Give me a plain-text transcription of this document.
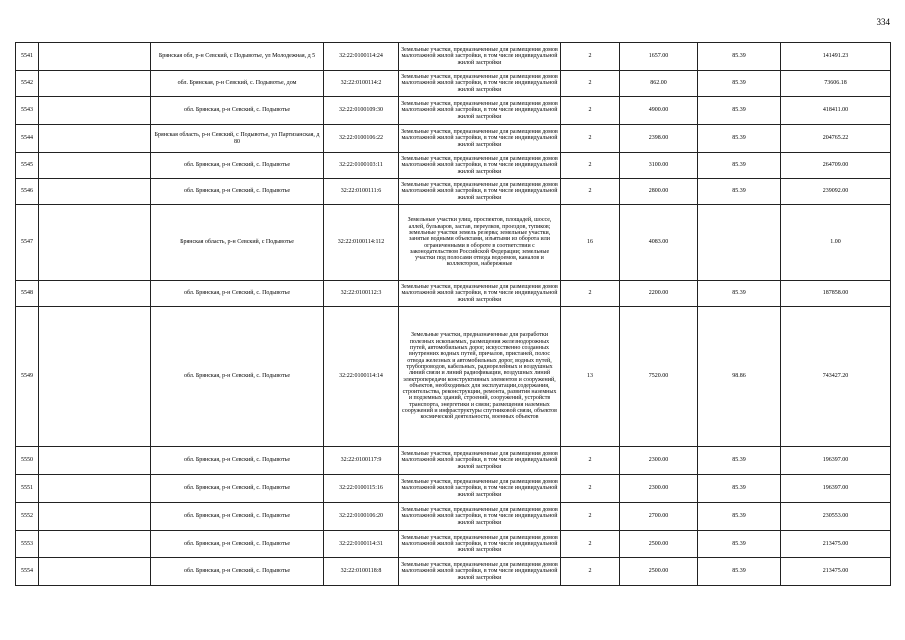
334
5541		Брянская обл, р-н Севский, с Подывотье, ул Молодежная, д 5	32:22:0100114:24	Земельные участки, предназначенные для размещения домов малоэтажной жилой застройки, в том числе индивидуальной жилой застройки	2	1657.00	85.39	141491.23
5542		обл. Брянская, р-н Севский, с. Подывотье, дом	32:22:0100114:2	Земельные участки, предназначенные для размещения домов малоэтажной жилой застройки, в том числе индивидуальной жилой застройки	2	862.00	85.39	73606.18
5543		обл. Брянская, р-н Севский, с. Подывотье	32:22:0100109:30	Земельные участки, предназначенные для размещения домов малоэтажной жилой застройки, в том числе индивидуальной жилой застройки	2	4900.00	85.39	418411.00
5544		Брянская область, р-н Севский, с Подывотье, ул Партизанская, д 80	32:22:0100106:22	Земельные участки, предназначенные для размещения домов малоэтажной жилой застройки, в том числе индивидуальной жилой застройки	2	2398.00	85.39	204765.22
5545		обл. Брянская, р-н Севский, с. Подывотье	32:22:0100103:11	Земельные участки, предназначенные для размещения домов малоэтажной жилой застройки, в том числе индивидуальной жилой застройки	2	3100.00	85.39	264709.00
5546		обл. Брянская, р-н Севский, с. Подывотье	32:22:0100111:6	Земельные участки, предназначенные для размещения домов малоэтажной жилой застройки, в том числе индивидуальной жилой застройки	2	2800.00	85.39	239092.00
5547		Брянская область, р-н Севский, с Подывотье	32:22:0100114:112	Земельные участки улиц, проспектов, площадей, шоссе, аллей, бульваров, застав, переулков, проездов, тупиков; земельные участки земель резерва; земельные участки, занятые водными объектами, изъятыми из оборота или ограниченными в обороте в соответствии с законодательством Российской Федерации; земельные участки под полосами отвода водоемов, каналов и коллекторов, набережные	16	4083.00		1.00
5548		обл. Брянская, р-н Севский, с. Подывотье	32:22:0100112:3	Земельные участки, предназначенные для размещения домов малоэтажной жилой застройки, в том числе индивидуальной жилой застройки	2	2200.00	85.39	187858.00
5549		обл. Брянская, р-н Севский, с. Подывотье	32:22:0100114:14	Земельные участки, предназначенные для разработки полезных ископаемых, размещения железнодорожных путей, автомобильных дорог, искусственно созданных внутренних водных путей, причалов, пристаней, полос отвода железных и автомобильных дорог, водных путей, трубопроводов, кабельных, радиорелейных и воздушных линий связи и линий радиофикации, воздушных линий электропередачи конструктивных элементов и сооружений, объектов, необходимых для эксплуатации,содержания, строительства, реконструкции, ремонта, развития наземных и подземных зданий, строений, сооружений, устройств транспорта, энергетики и связи; размещения наземных сооружений и инфраструктуры спутниковой связи, объектов космической деятельности, военных объектов	13	7520.00	98.86	743427.20
5550		обл. Брянская, р-н Севский, с. Подывотье	32:22:0100117:9	Земельные участки, предназначенные для размещения домов малоэтажной жилой застройки, в том числе индивидуальной жилой застройки	2	2300.00	85.39	196397.00
5551		обл. Брянская, р-н Севский, с. Подывотье	32:22:0100115:16	Земельные участки, предназначенные для размещения домов малоэтажной жилой застройки, в том числе индивидуальной жилой застройки	2	2300.00	85.39	196397.00
5552		обл. Брянская, р-н Севский, с. Подывотье	32:22:0100106:20	Земельные участки, предназначенные для размещения домов малоэтажной жилой застройки, в том числе индивидуальной жилой застройки	2	2700.00	85.39	230553.00
5553		обл. Брянская, р-н Севский, с. Подывотье	32:22:0100114:31	Земельные участки, предназначенные для размещения домов малоэтажной жилой застройки, в том числе индивидуальной жилой застройки	2	2500.00	85.39	213475.00
5554		обл. Брянская, р-н Севский, с. Подывотье	32:22:0100118:8	Земельные участки, предназначенные для размещения домов малоэтажной жилой застройки, в том числе индивидуальной жилой застройки	2	2500.00	85.39	213475.00
